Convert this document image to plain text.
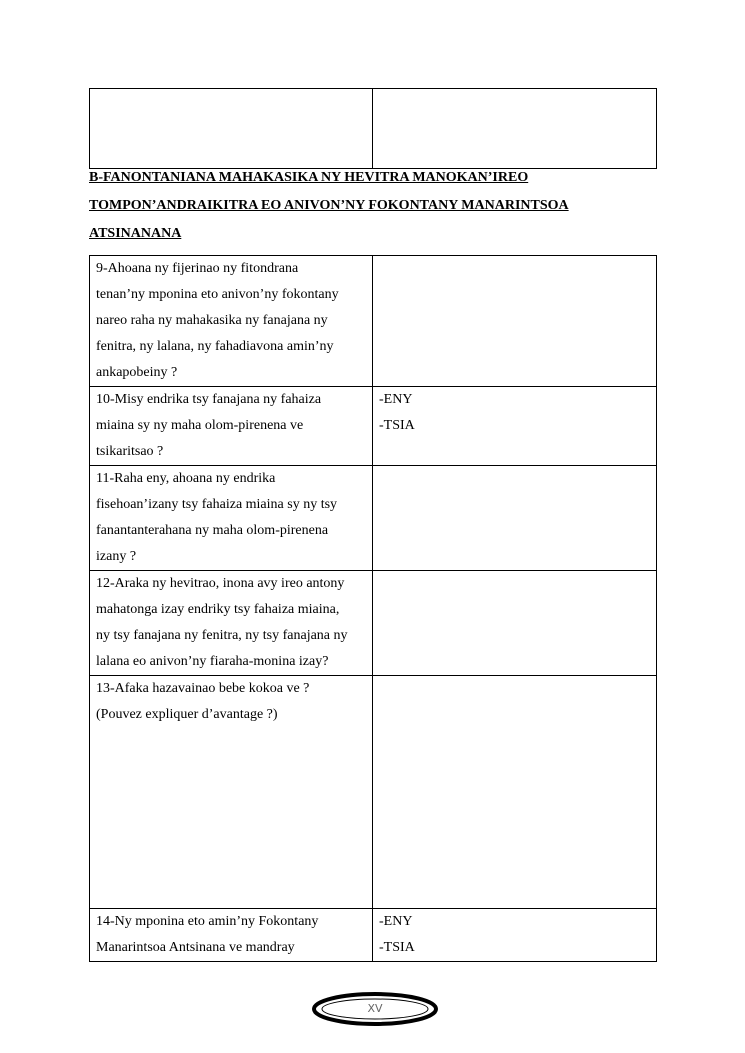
B-FANONTANIANA MAHAKASIKA NY HEVITRA MANOKAN’IREO
TOMPON’ANDRAIKITRA EO ANIVON’NY FOKONTANY MANARINTSOA
ATSINANANA
9-Ahoana ny fijerinao ny fitondrana
tenan’ny mponina eto anivon’ny fokontany
nareo raha ny mahakasika ny fanajana ny
fenitra, ny lalana, ny fahadiavona amin’ny
ankapobeiny ?	

10-Misy endrika tsy fanajana ny fahaiza
miaina sy ny maha olom-pirenena ve
tsikaritsao ?	-ENY
-TSIA

11-Raha eny, ahoana ny endrika
fisehoan’izany tsy fahaiza miaina sy ny tsy
fanantanterahana ny maha olom-pirenena
izany ?	

12-Araka ny hevitrao, inona avy ireo antony
mahatonga izay endriky tsy fahaiza miaina,
ny tsy fanajana ny fenitra, ny tsy fanajana ny
lalana eo anivon’ny fiaraha-monina izay?	

13-Afaka hazavainao bebe kokoa ve ?
(Pouvez expliquer d’avantage ?)	

14-Ny mponina eto amin’ny Fokontany
Manarintsoa Antsinana ve mandray	-ENY
-TSIA
XV
